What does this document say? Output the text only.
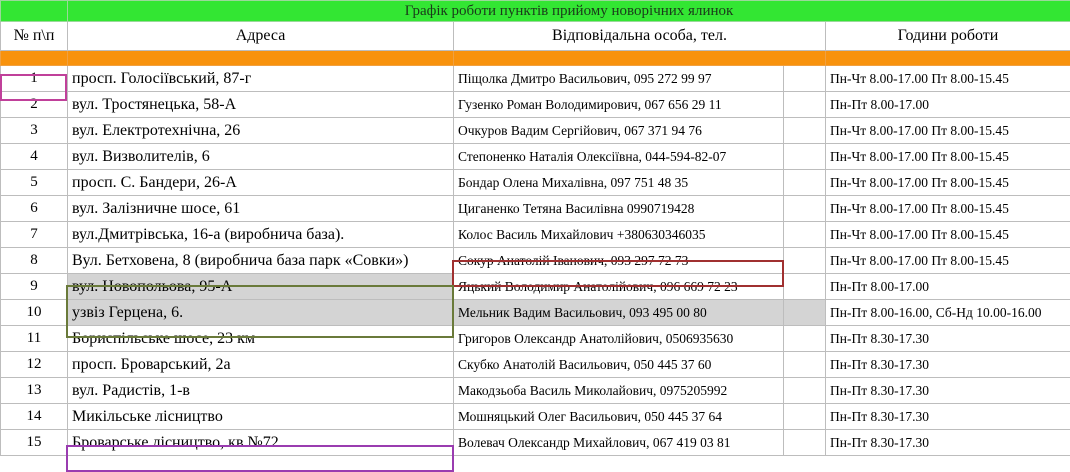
	Графік роботи пунктів прийому новорічних ялинок			
№ п\п	Адреса	Відповідальна особа, тел.		Години роботи

1	просп. Голосіївський, 87-г	Піщолка Дмитро Васильович, 095 272 99 97		Пн-Чт 8.00-17.00 Пт 8.00-15.45
2	вул. Тростянецька, 58-А	Гузенко Роман Володимирович, 067 656 29 11		Пн-Пт 8.00-17.00
3	вул. Електротехнічна, 26	Очкуров Вадим Сергійович, 067 371 94 76		Пн-Чт 8.00-17.00 Пт 8.00-15.45
4	вул. Визволителів, 6	Степоненко Наталія Олексіївна, 044-594-82-07		Пн-Чт 8.00-17.00 Пт 8.00-15.45
5	просп. С. Бандери, 26-А	Бондар Олена Михалівна, 097 751 48 35		Пн-Чт 8.00-17.00 Пт 8.00-15.45
6	вул. Залізничне шосе, 61	Циганенко Тетяна Василівна 0990719428		Пн-Чт 8.00-17.00 Пт 8.00-15.45
7	вул.Дмитрівська, 16-а (виробнича база).	Колос Василь Михайлович +380630346035		Пн-Чт 8.00-17.00 Пт 8.00-15.45
8	Вул. Бетховена, 8 (виробнича база парк «Совки»)	Сокур Анатолій Іванович, 093 297 72 73		Пн-Чт 8.00-17.00 Пт 8.00-15.45
9	вул. Новопольова, 95-А	Яцький Володимир Анатолійович, 096 669 72 23		Пн-Пт 8.00-17.00
10	узвіз Герцена, 6.	Мельник Вадим Васильович, 093 495 00 80		Пн-Пт 8.00-16.00, Сб-Нд 10.00-16.00
11	Бориспільське шосе, 23 км	Григоров Олександр Анатолійович, 0506935630		Пн-Пт 8.30-17.30
12	просп. Броварський, 2а	Скубко Анатолій Васильович, 050 445 37 60		Пн-Пт 8.30-17.30
13	вул. Радистів, 1-в	Макодзьоба Василь Миколайович, 0975205992		Пн-Пт 8.30-17.30
14	Микільське лісництво	Мошняцький Олег Васильович, 050 445 37 64		Пн-Пт 8.30-17.30
15	Броварське лісництво, кв №72	Волевач Олександр Михайлович, 067 419 03 81		Пн-Пт 8.30-17.30
